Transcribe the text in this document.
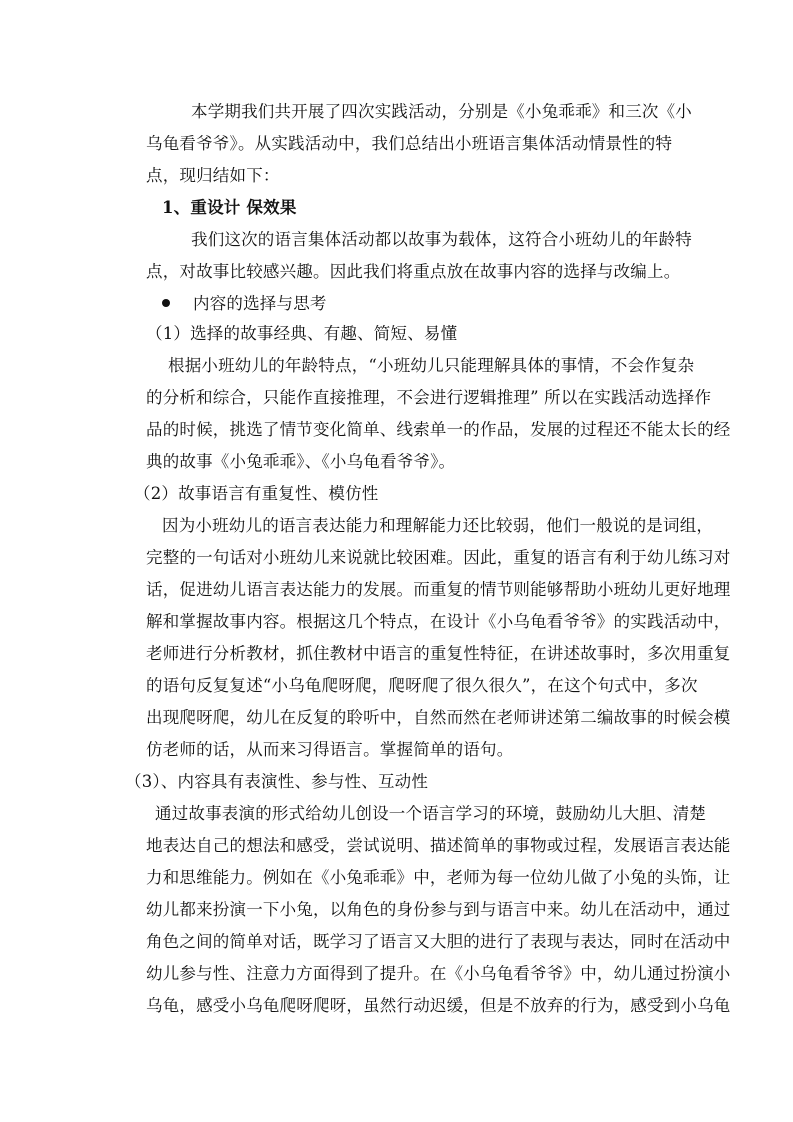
本学期我们共开展了四次实践活动，分别是《小兔乖乖》和三次《小
乌龟看爷爷》。从实践活动中，我们总结出小班语言集体活动情景性的特
点，现归结如下：
1、重设计 保效果
我们这次的语言集体活动都以故事为载体，这符合小班幼儿的年龄特
点，对故事比较感兴趣。因此我们将重点放在故事内容的选择与改编上。
内容的选择与思考
（1）选择的故事经典、有趣、简短、易懂
根据小班幼儿的年龄特点，“小班幼儿只能理解具体的事情，不会作复杂
的分析和综合，只能作直接推理，不会进行逻辑推理” 所以在实践活动选择作
品的时候，挑选了情节变化简单、线索单一的作品，发展的过程还不能太长的经
典的故事《小兔乖乖》、《小乌龟看爷爷》。
（2）故事语言有重复性、模仿性
因为小班幼儿的语言表达能力和理解能力还比较弱，他们一般说的是词组，
完整的一句话对小班幼儿来说就比较困难。因此，重复的语言有利于幼儿练习对
话，促进幼儿语言表达能力的发展。而重复的情节则能够帮助小班幼儿更好地理
解和掌握故事内容。根据这几个特点，在设计《小乌龟看爷爷》的实践活动中，
老师进行分析教材，抓住教材中语言的重复性特征，在讲述故事时，多次用重复
的语句反复复述“小乌龟爬呀爬，爬呀爬了很久很久”，在这个句式中，多次
出现爬呀爬，幼儿在反复的聆听中，自然而然在老师讲述第二编故事的时候会模
仿老师的话，从而来习得语言。掌握简单的语句。
（3）、内容具有表演性、参与性、互动性
通过故事表演的形式给幼儿创设一个语言学习的环境，鼓励幼儿大胆、清楚
地表达自己的想法和感受，尝试说明、描述简单的事物或过程，发展语言表达能
力和思维能力。例如在《小兔乖乖》中，老师为每一位幼儿做了小兔的头饰，让
幼儿都来扮演一下小兔，以角色的身份参与到与语言中来。幼儿在活动中，通过
角色之间的简单对话，既学习了语言又大胆的进行了表现与表达，同时在活动中
幼儿参与性、注意力方面得到了提升。在《小乌龟看爷爷》中，幼儿通过扮演小
乌龟，感受小乌龟爬呀爬呀，虽然行动迟缓，但是不放弃的行为，感受到小乌龟
